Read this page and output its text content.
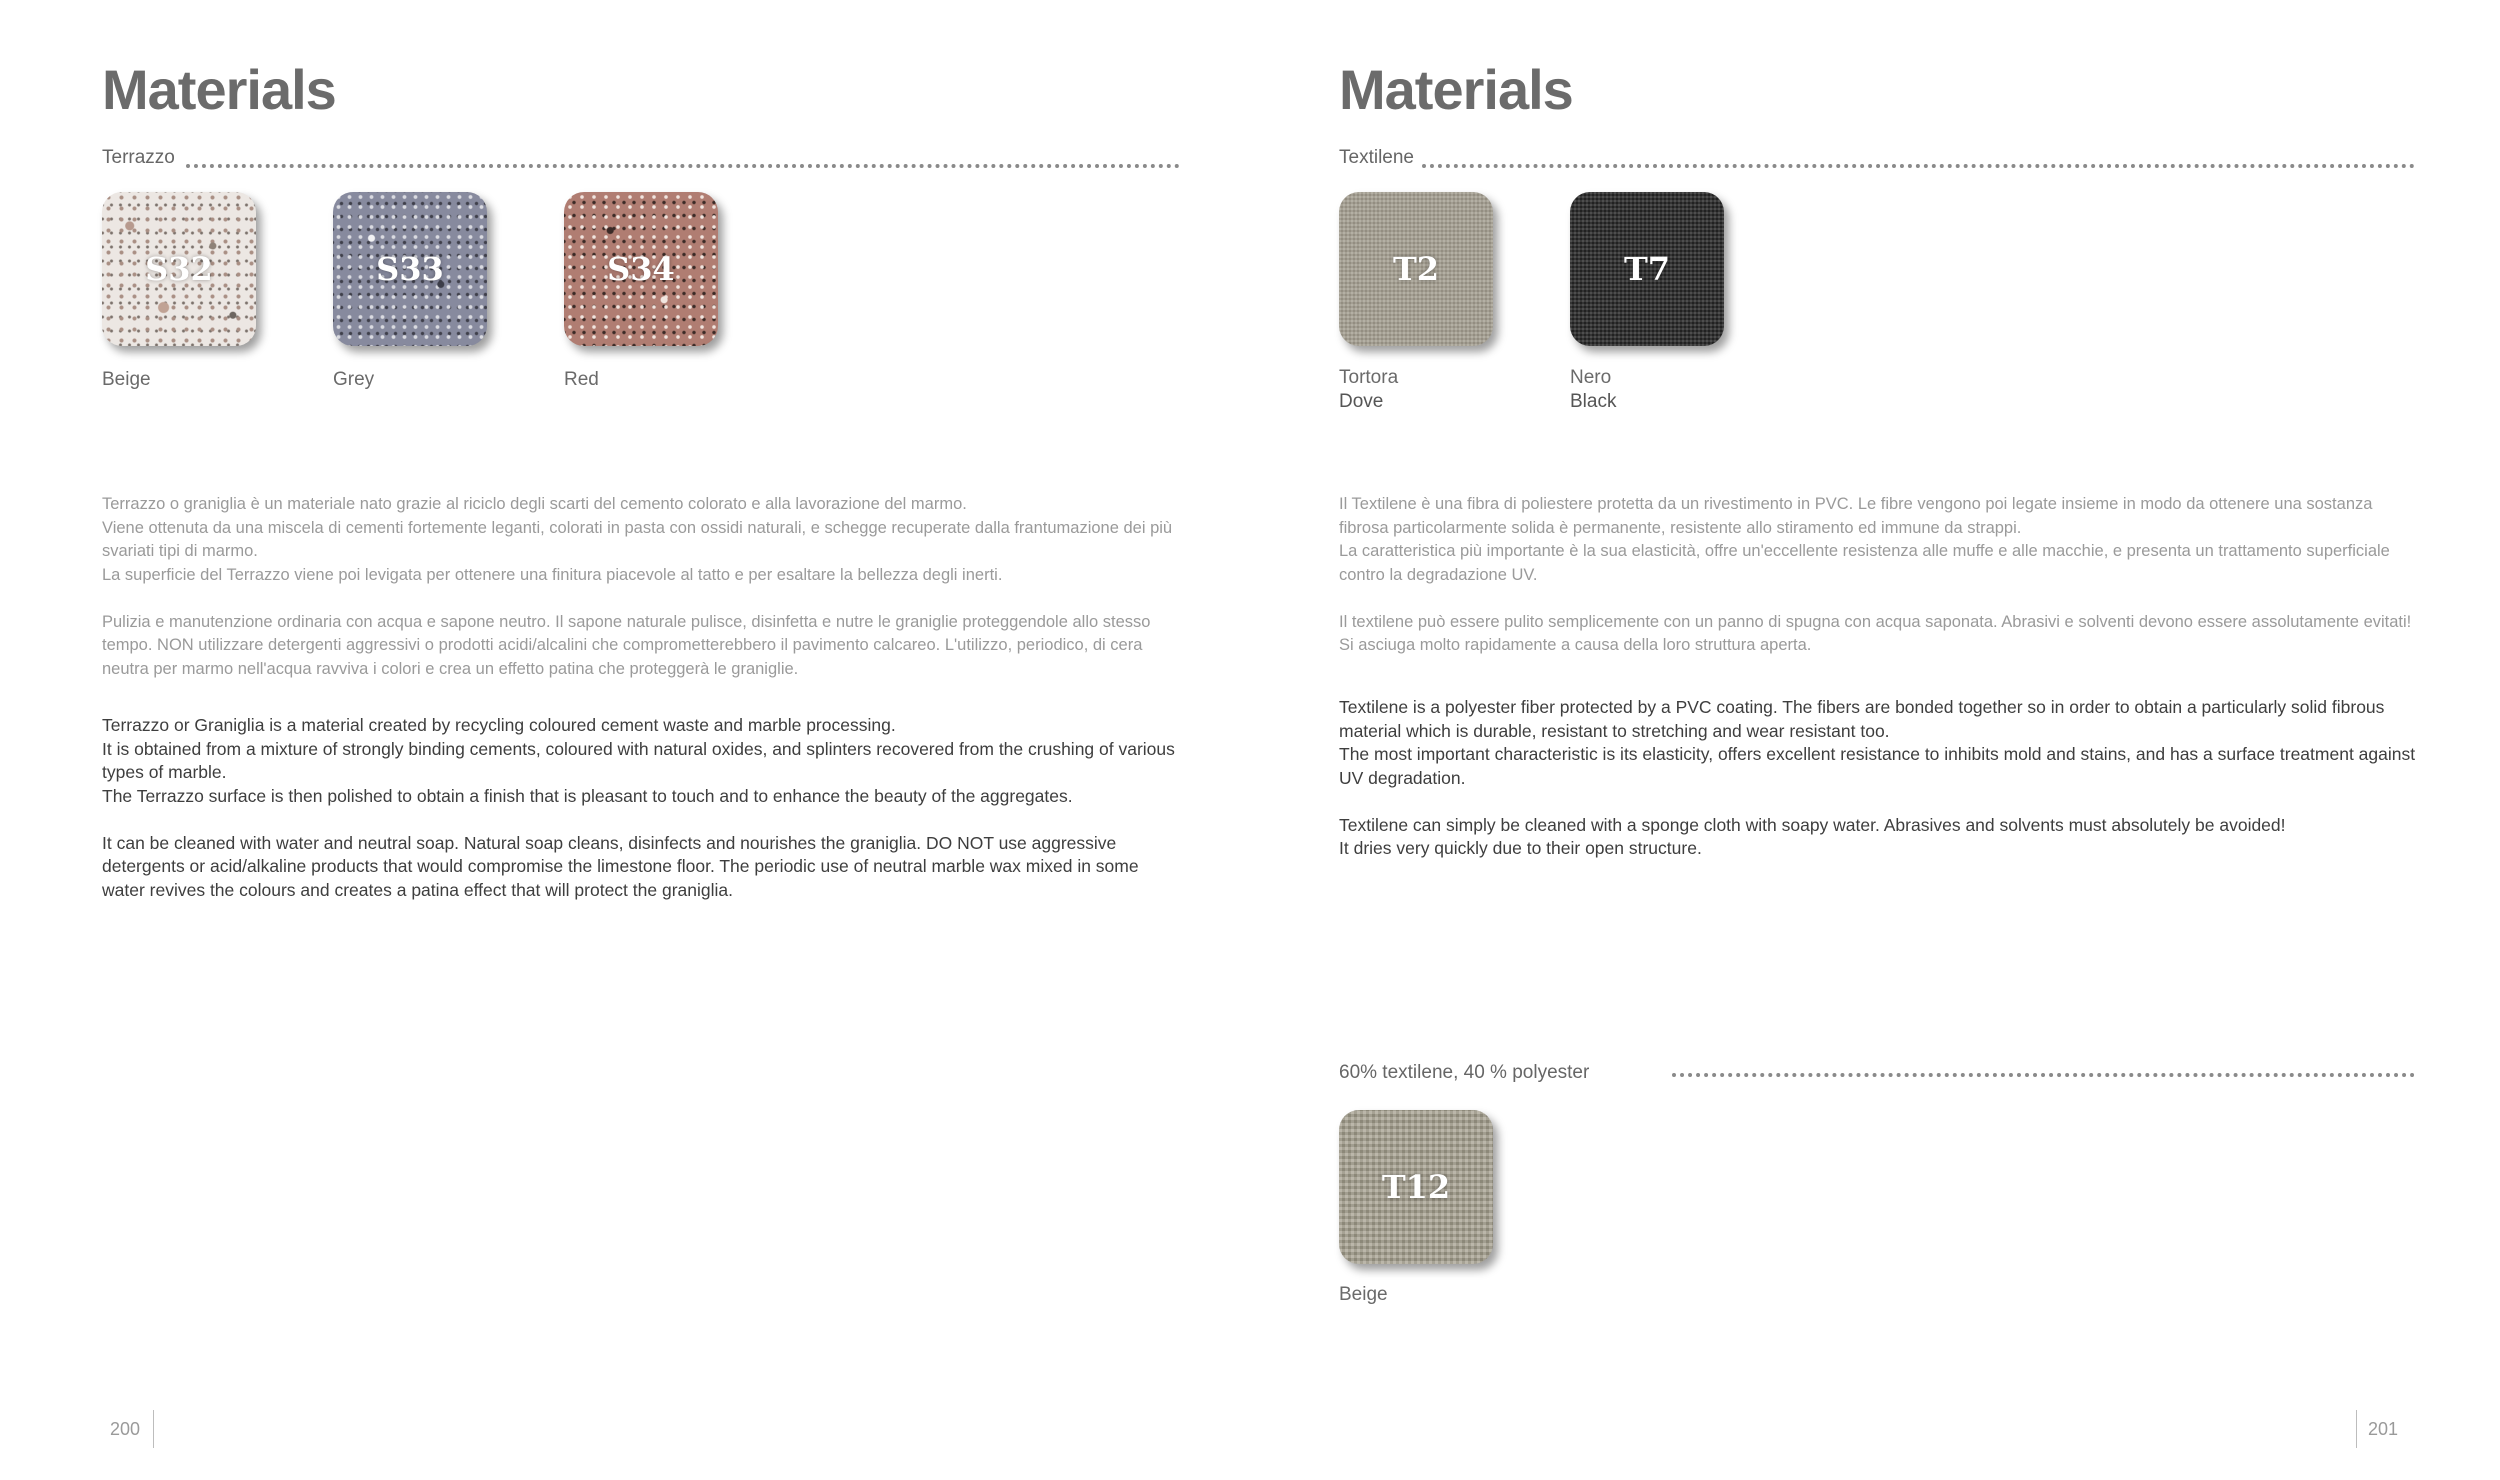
Materials
Terrazzo
S32	S33	S34
Beige	Grey	Red

Terrazzo o graniglia è un materiale nato grazie al riciclo degli scarti del cemento colorato e alla lavorazione del marmo.
Viene ottenuta da una miscela di cementi fortemente leganti, colorati in pasta con ossidi naturali, e schegge recuperate dalla frantumazione dei più svariati tipi di marmo.
La superficie del Terrazzo viene poi levigata per ottenere una finitura piacevole al tatto e per esaltare la bellezza degli inerti.

Pulizia e manutenzione ordinaria con acqua e sapone neutro. Il sapone naturale pulisce, disinfetta e nutre le graniglie proteggendole allo stesso tempo. NON utilizzare detergenti aggressivi o prodotti acidi/alcalini che comprometterebbero il pavimento calcareo. L'utilizzo, periodico, di cera neutra per marmo nell'acqua ravviva i colori e crea un effetto patina che proteggerà le graniglie.

Terrazzo or Graniglia is a material created by recycling coloured cement waste and marble processing.
It is obtained from a mixture of strongly binding cements, coloured with natural oxides, and splinters recovered from the crushing of various types of marble.
The Terrazzo surface is then polished to obtain a finish that is pleasant to touch and to enhance the beauty of the aggregates.

It can be cleaned with water and neutral soap. Natural soap cleans, disinfects and nourishes the graniglia. DO NOT use aggressive detergents or acid/alkaline products that would compromise the limestone floor. The periodic use of neutral marble wax mixed in some water revives the colours and creates a patina effect that will protect the graniglia.

200
Materials
Textilene
T2	T7
Tortora
Dove
Nero
Black

Il Textilene è una fibra di poliestere protetta da un rivestimento in PVC. Le fibre vengono poi legate insieme in modo da ottenere una sostanza fibrosa particolarmente solida è permanente, resistente allo stiramento ed immune da strappi.
La caratteristica più importante è la sua elasticità, offre un'eccellente resistenza alle muffe e alle macchie, e presenta un trattamento superficiale contro la degradazione UV.

Il textilene può essere pulito semplicemente con un panno di spugna con acqua saponata. Abrasivi e solventi devono essere assolutamente evitati! Si asciuga molto rapidamente a causa della loro struttura aperta.

Textilene is a polyester fiber protected by a PVC coating. The fibers are bonded together so in order to obtain a particularly solid fibrous material which is durable, resistant to stretching and wear resistant too.
The most important characteristic is its elasticity, offers excellent resistance to inhibits mold and stains, and has a surface treatment against UV degradation.

Textilene can simply be cleaned with a sponge cloth with soapy water. Abrasives and solvents must absolutely be avoided!
It dries very quickly due to their open structure.

60% textilene, 40 % polyester
T12
Beige
201
